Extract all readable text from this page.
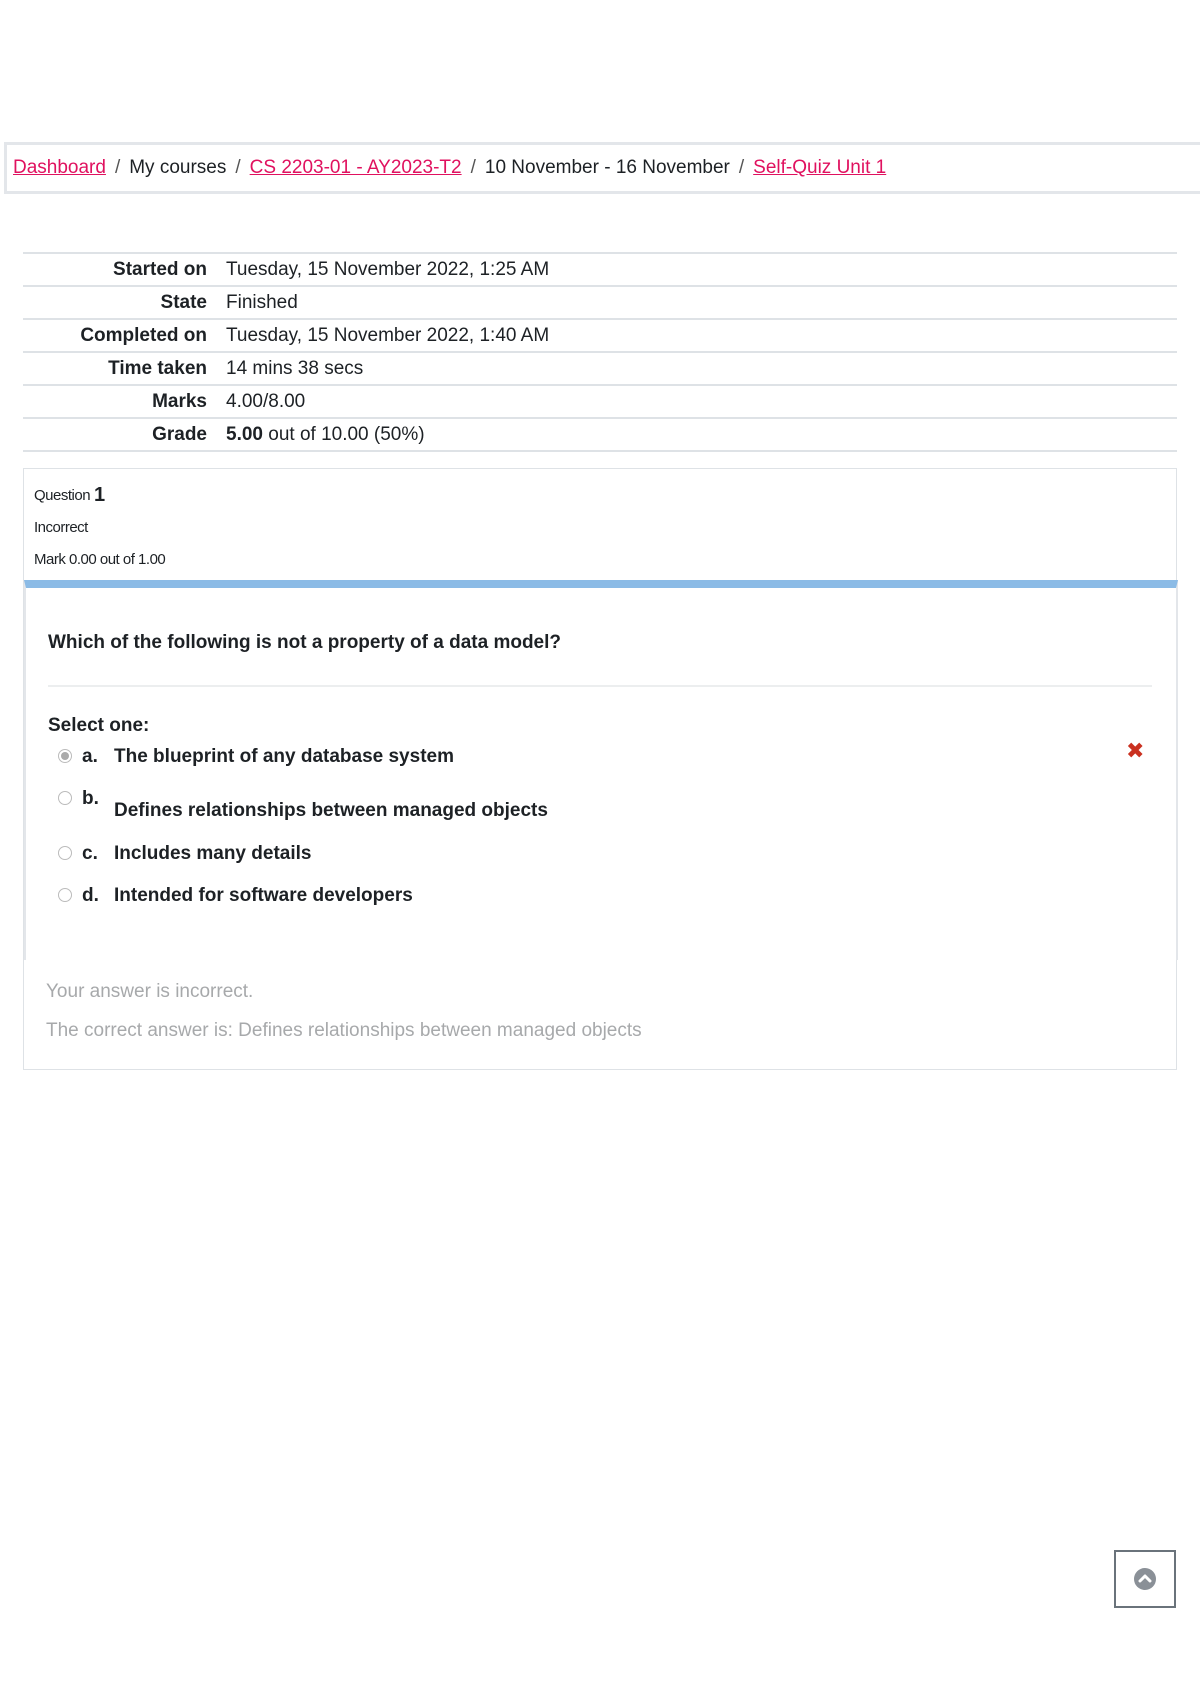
Dashboard / My courses / CS 2203-01 - AY2023-T2 / 10 November - 16 November / Self-Quiz Unit 1
Started on	Tuesday, 15 November 2022, 1:25 AM
State	Finished
Completed on	Tuesday, 15 November 2022, 1:40 AM
Time taken	14 mins 38 secs
Marks	4.00/8.00
Grade	5.00 out of 10.00 (50%)
Question 1
Incorrect
Mark 0.00 out of 1.00
Which of the following is not a property of a data model?
Select one:
a. The blueprint of any database system
b.
Defines relationships between managed objects
c. Includes many details
d. Intended for software developers
✖
Your answer is incorrect.
The correct answer is: Defines relationships between managed objects
